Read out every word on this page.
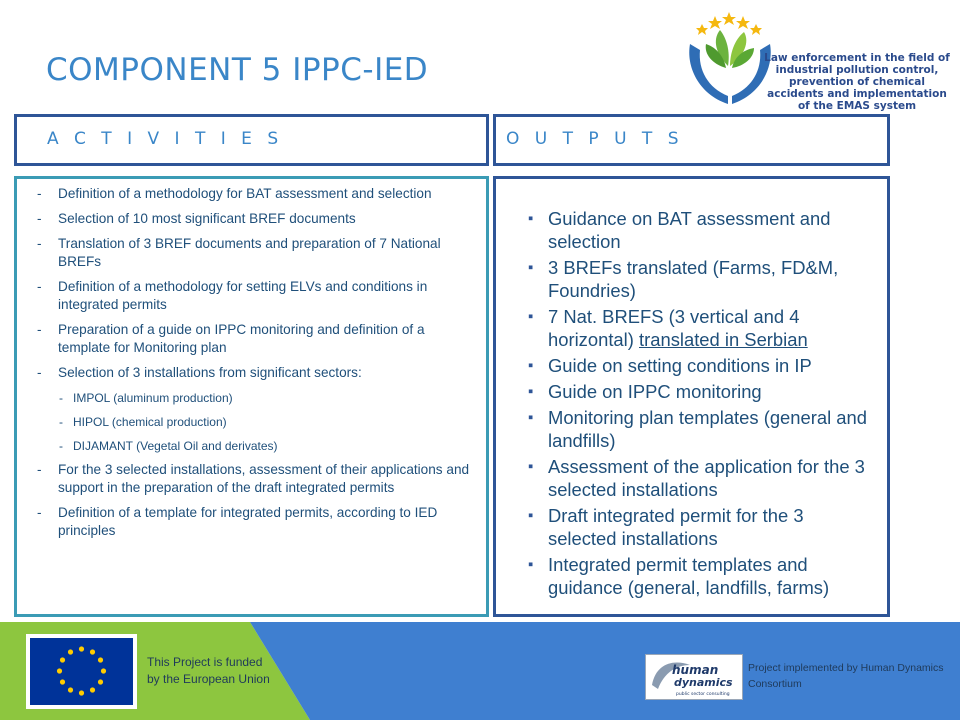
COMPONENT 5 IPPC-IED	Law enforcement in the field of industrial pollution control, prevention of chemical accidents and implementation of the EMAS system
A C T I V I T I E S	O U T P U T S
- Definition of a methodology for BAT assessment and selection
- Selection of 10 most significant BREF documents
- Translation of 3 BREF documents and preparation of 7 National BREFs
- Definition of a methodology for setting ELVs and conditions in integrated permits
- Preparation of a guide on IPPC monitoring and definition of a template for Monitoring plan
- Selection of 3 installations from significant sectors:
- IMPOL (aluminum production)
- HIPOL (chemical production)
- DIJAMANT (Vegetal Oil and derivates)
- For the 3 selected installations, assessment of their applications and support in the preparation of the draft integrated permits
- Definition of a template for integrated permits, according to IED principles
▪ Guidance on BAT assessment and selection
▪ 3 BREFs translated (Farms, FD&M, Foundries)
▪ 7 Nat. BREFS (3 vertical and 4 horizontal) translated in Serbian
▪ Guide on setting conditions in IP
▪ Guide on IPPC monitoring
▪ Monitoring plan templates (general and landfills)
▪ Assessment of the application for the 3 selected installations
▪ Draft integrated permit for the 3 selected installations
▪ Integrated permit templates and guidance (general, landfills, farms)
This Project is funded
by the European Union
human
dynamics
public sector consulting
Project implemented by Human Dynamics Consortium
